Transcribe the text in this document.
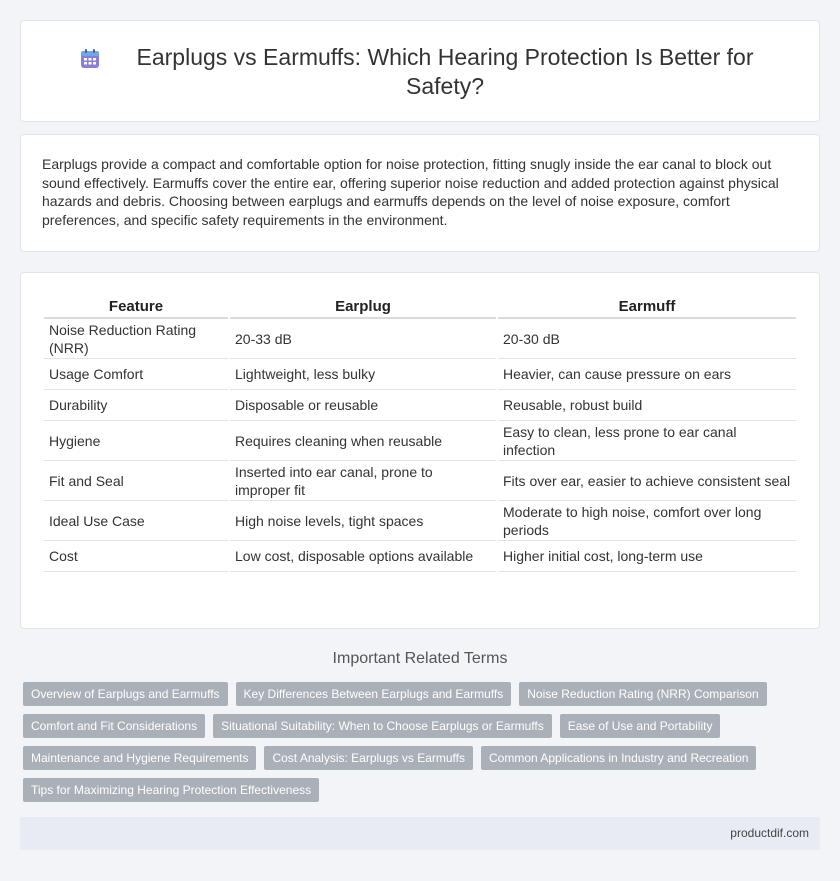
Earplugs vs Earmuffs: Which Hearing Protection Is Better for Safety?

Earplugs provide a compact and comfortable option for noise protection, fitting snugly inside the ear canal to block out sound effectively. Earmuffs cover the entire ear, offering superior noise reduction and added protection against physical hazards and debris. Choosing between earplugs and earmuffs depends on the level of noise exposure, comfort preferences, and specific safety requirements in the environment.

Feature	Earplug	Earmuff
Noise Reduction Rating (NRR)	20-33 dB	20-30 dB
Usage Comfort	Lightweight, less bulky	Heavier, can cause pressure on ears
Durability	Disposable or reusable	Reusable, robust build
Hygiene	Requires cleaning when reusable	Easy to clean, less prone to ear canal infection
Fit and Seal	Inserted into ear canal, prone to improper fit	Fits over ear, easier to achieve consistent seal
Ideal Use Case	High noise levels, tight spaces	Moderate to high noise, comfort over long periods
Cost	Low cost, disposable options available	Higher initial cost, long-term use
Important Related Terms
Overview of Earplugs and Earmuffs	Key Differences Between Earplugs and Earmuffs	Noise Reduction Rating (NRR) Comparison
Comfort and Fit Considerations	Situational Suitability: When to Choose Earplugs or Earmuffs	Ease of Use and Portability
Maintenance and Hygiene Requirements	Cost Analysis: Earplugs vs Earmuffs	Common Applications in Industry and Recreation
Tips for Maximizing Hearing Protection Effectiveness
productdif.com
